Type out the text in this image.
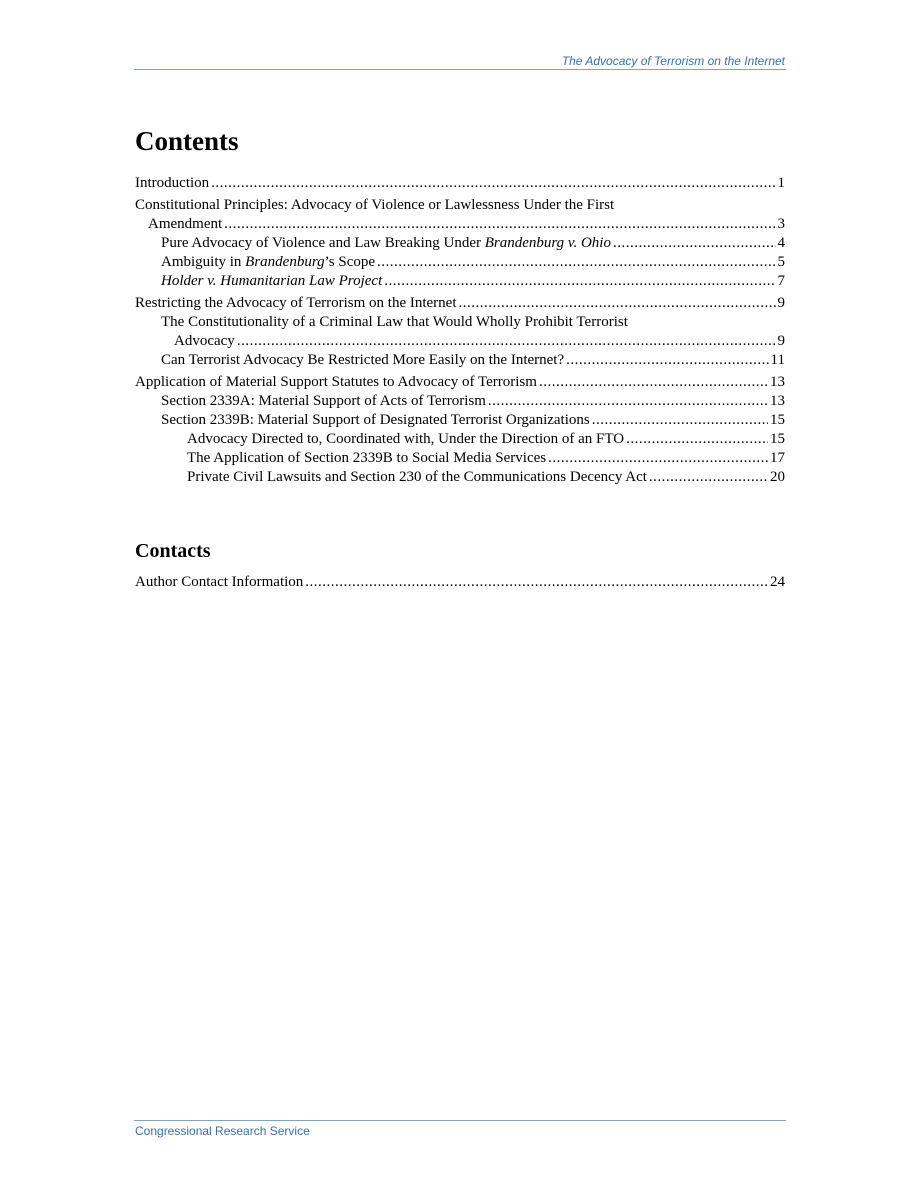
The Advocacy of Terrorism on the Internet
Contents
Introduction .....	1
Constitutional Principles: Advocacy of Violence or Lawlessness Under the First
Amendment .....	3
Pure Advocacy of Violence and Law Breaking Under Brandenburg v. Ohio .....	4
Ambiguity in Brandenburg’s Scope .....	5
Holder v. Humanitarian Law Project .....	7
Restricting the Advocacy of Terrorism on the Internet .....	9
The Constitutionality of a Criminal Law that Would Wholly Prohibit Terrorist
Advocacy .....	9
Can Terrorist Advocacy Be Restricted More Easily on the Internet? .....	11
Application of Material Support Statutes to Advocacy of Terrorism .....	13
Section 2339A: Material Support of Acts of Terrorism .....	13
Section 2339B: Material Support of Designated Terrorist Organizations .....	15
Advocacy Directed to, Coordinated with, Under the Direction of an FTO .....	15
The Application of Section 2339B to Social Media Services .....	17
Private Civil Lawsuits and Section 230 of the Communications Decency Act .....	20
Contacts
Author Contact Information .....	24
Congressional Research Service
